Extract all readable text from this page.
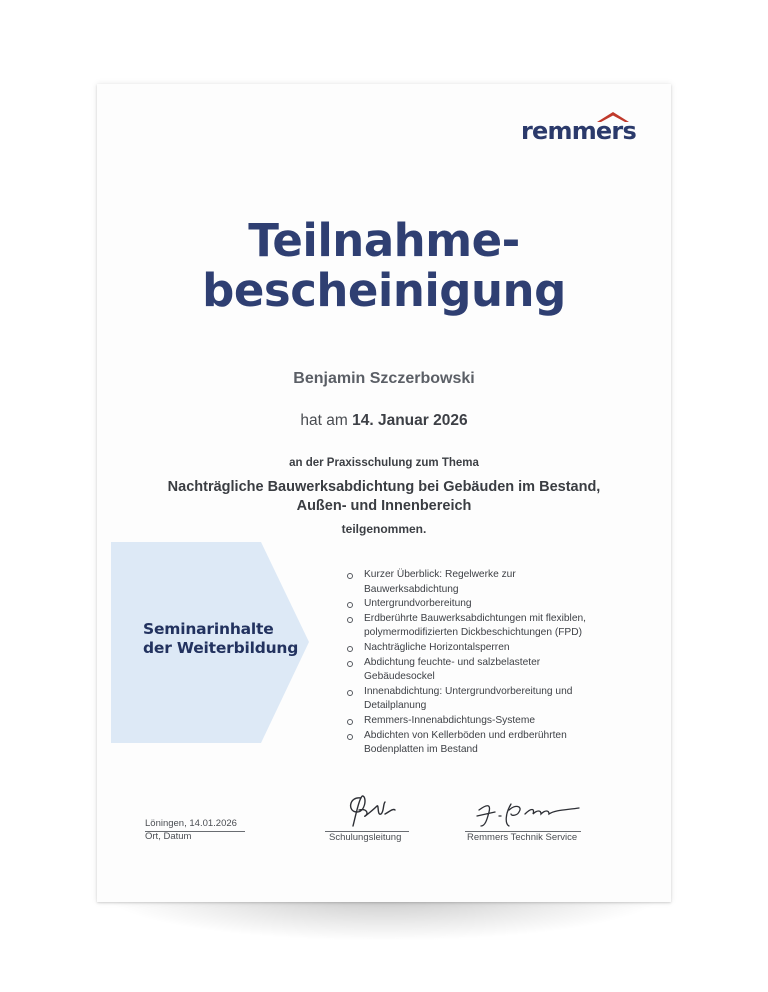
remmers
Teilnahme-
bescheinigung
Benjamin Szczerbowski
hat am 14. Januar 2026
an der Praxisschulung zum Thema
Nachträgliche Bauwerksabdichtung bei Gebäuden im Bestand,
Außen- und Innenbereich
teilgenommen.
Seminarinhalte
der Weiterbildung
Kurzer Überblick: Regelwerke zur
Bauwerksabdichtung
Untergrundvorbereitung
Erdberührte Bauwerksabdichtungen mit flexiblen,
polymermodifizierten Dickbeschichtungen (FPD)
Nachträgliche Horizontalsperren
Abdichtung feuchte- und salzbelasteter
Gebäudesockel
Innenabdichtung: Untergrundvorbereitung und
Detailplanung
Remmers-Innenabdichtungs-Systeme
Abdichten von Kellerböden und erdberührten
Bodenplatten im Bestand
Löningen, 14.01.2026
Ort, Datum	Schulungsleitung	Remmers Technik Service
